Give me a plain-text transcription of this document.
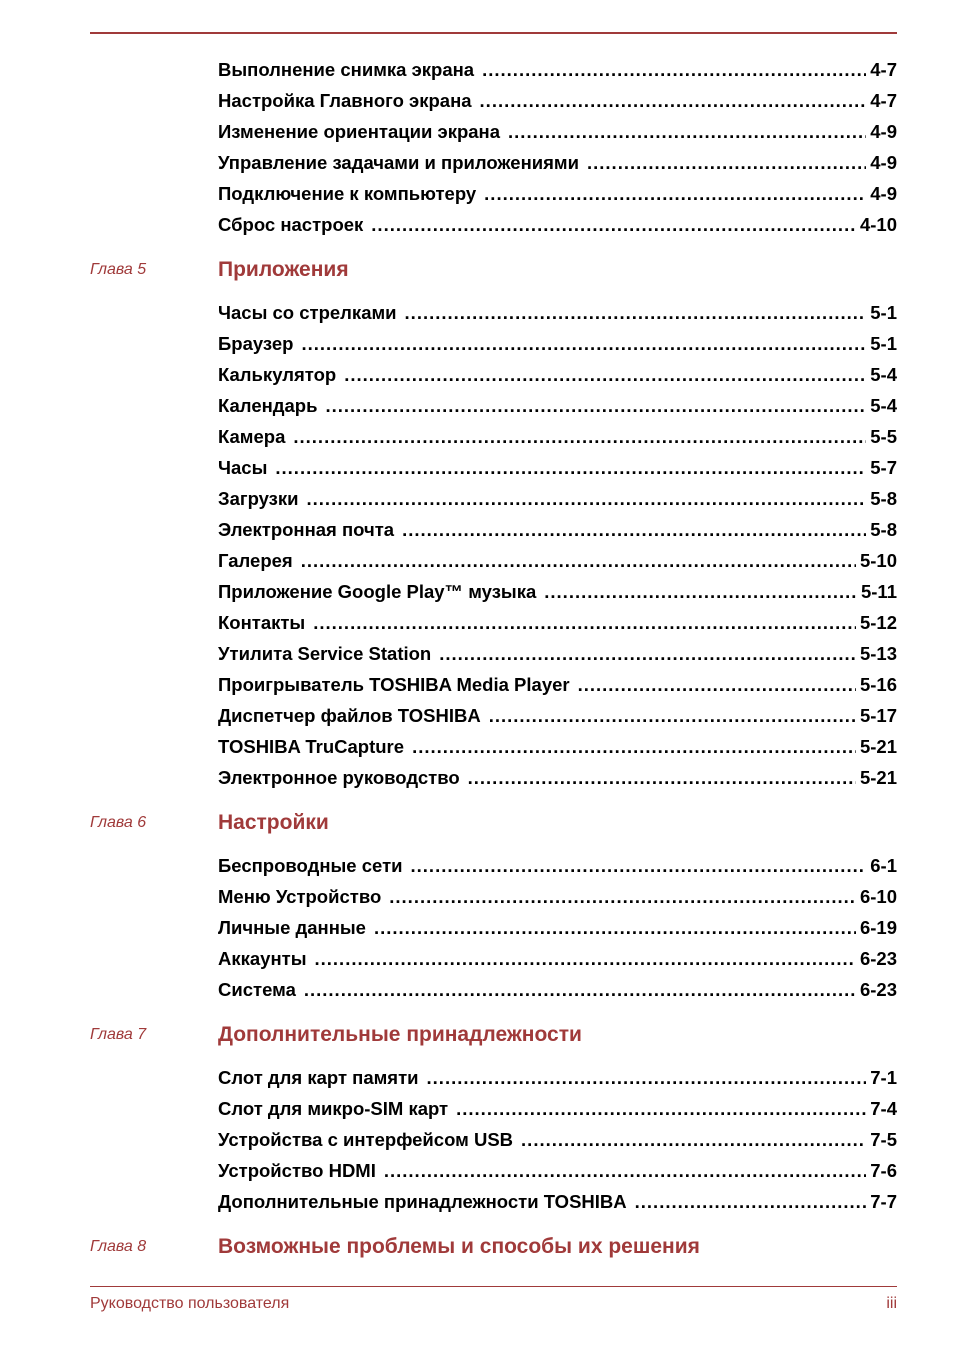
Выполнение снимка экрана .....	4-7
Настройка Главного экрана .....	4-7
Изменение ориентации экрана .....	4-9
Управление задачами и приложениями .....	4-9
Подключение к компьютеру .....	4-9
Сброс настроек .....	4-10
Глава 5	Приложения
Часы со стрелками .....	5-1
Браузер .....	5-1
Калькулятор .....	5-4
Календарь .....	5-4
Камера .....	5-5
Часы .....	5-7
Загрузки .....	5-8
Электронная почта .....	5-8
Галерея .....	5-10
Приложение Google Play™ музыка .....	5-11
Контакты .....	5-12
Утилита Service Station .....	5-13
Проигрыватель TOSHIBA Media Player .....	5-16
Диспетчер файлов TOSHIBA .....	5-17
TOSHIBA TruCapture .....	5-21
Электронное руководство .....	5-21
Глава 6	Настройки
Беспроводные сети .....	6-1
Меню Устройство .....	6-10
Личные данные .....	6-19
Аккаунты .....	6-23
Система .....	6-23
Глава 7	Дополнительные принадлежности
Слот для карт памяти .....	7-1
Слот для микро-SIM карт .....	7-4
Устройства с интерфейсом USB .....	7-5
Устройство HDMI .....	7-6
Дополнительные принадлежности TOSHIBA .....	7-7
Глава 8	Возможные проблемы и способы их решения
Руководство пользователя	iii
